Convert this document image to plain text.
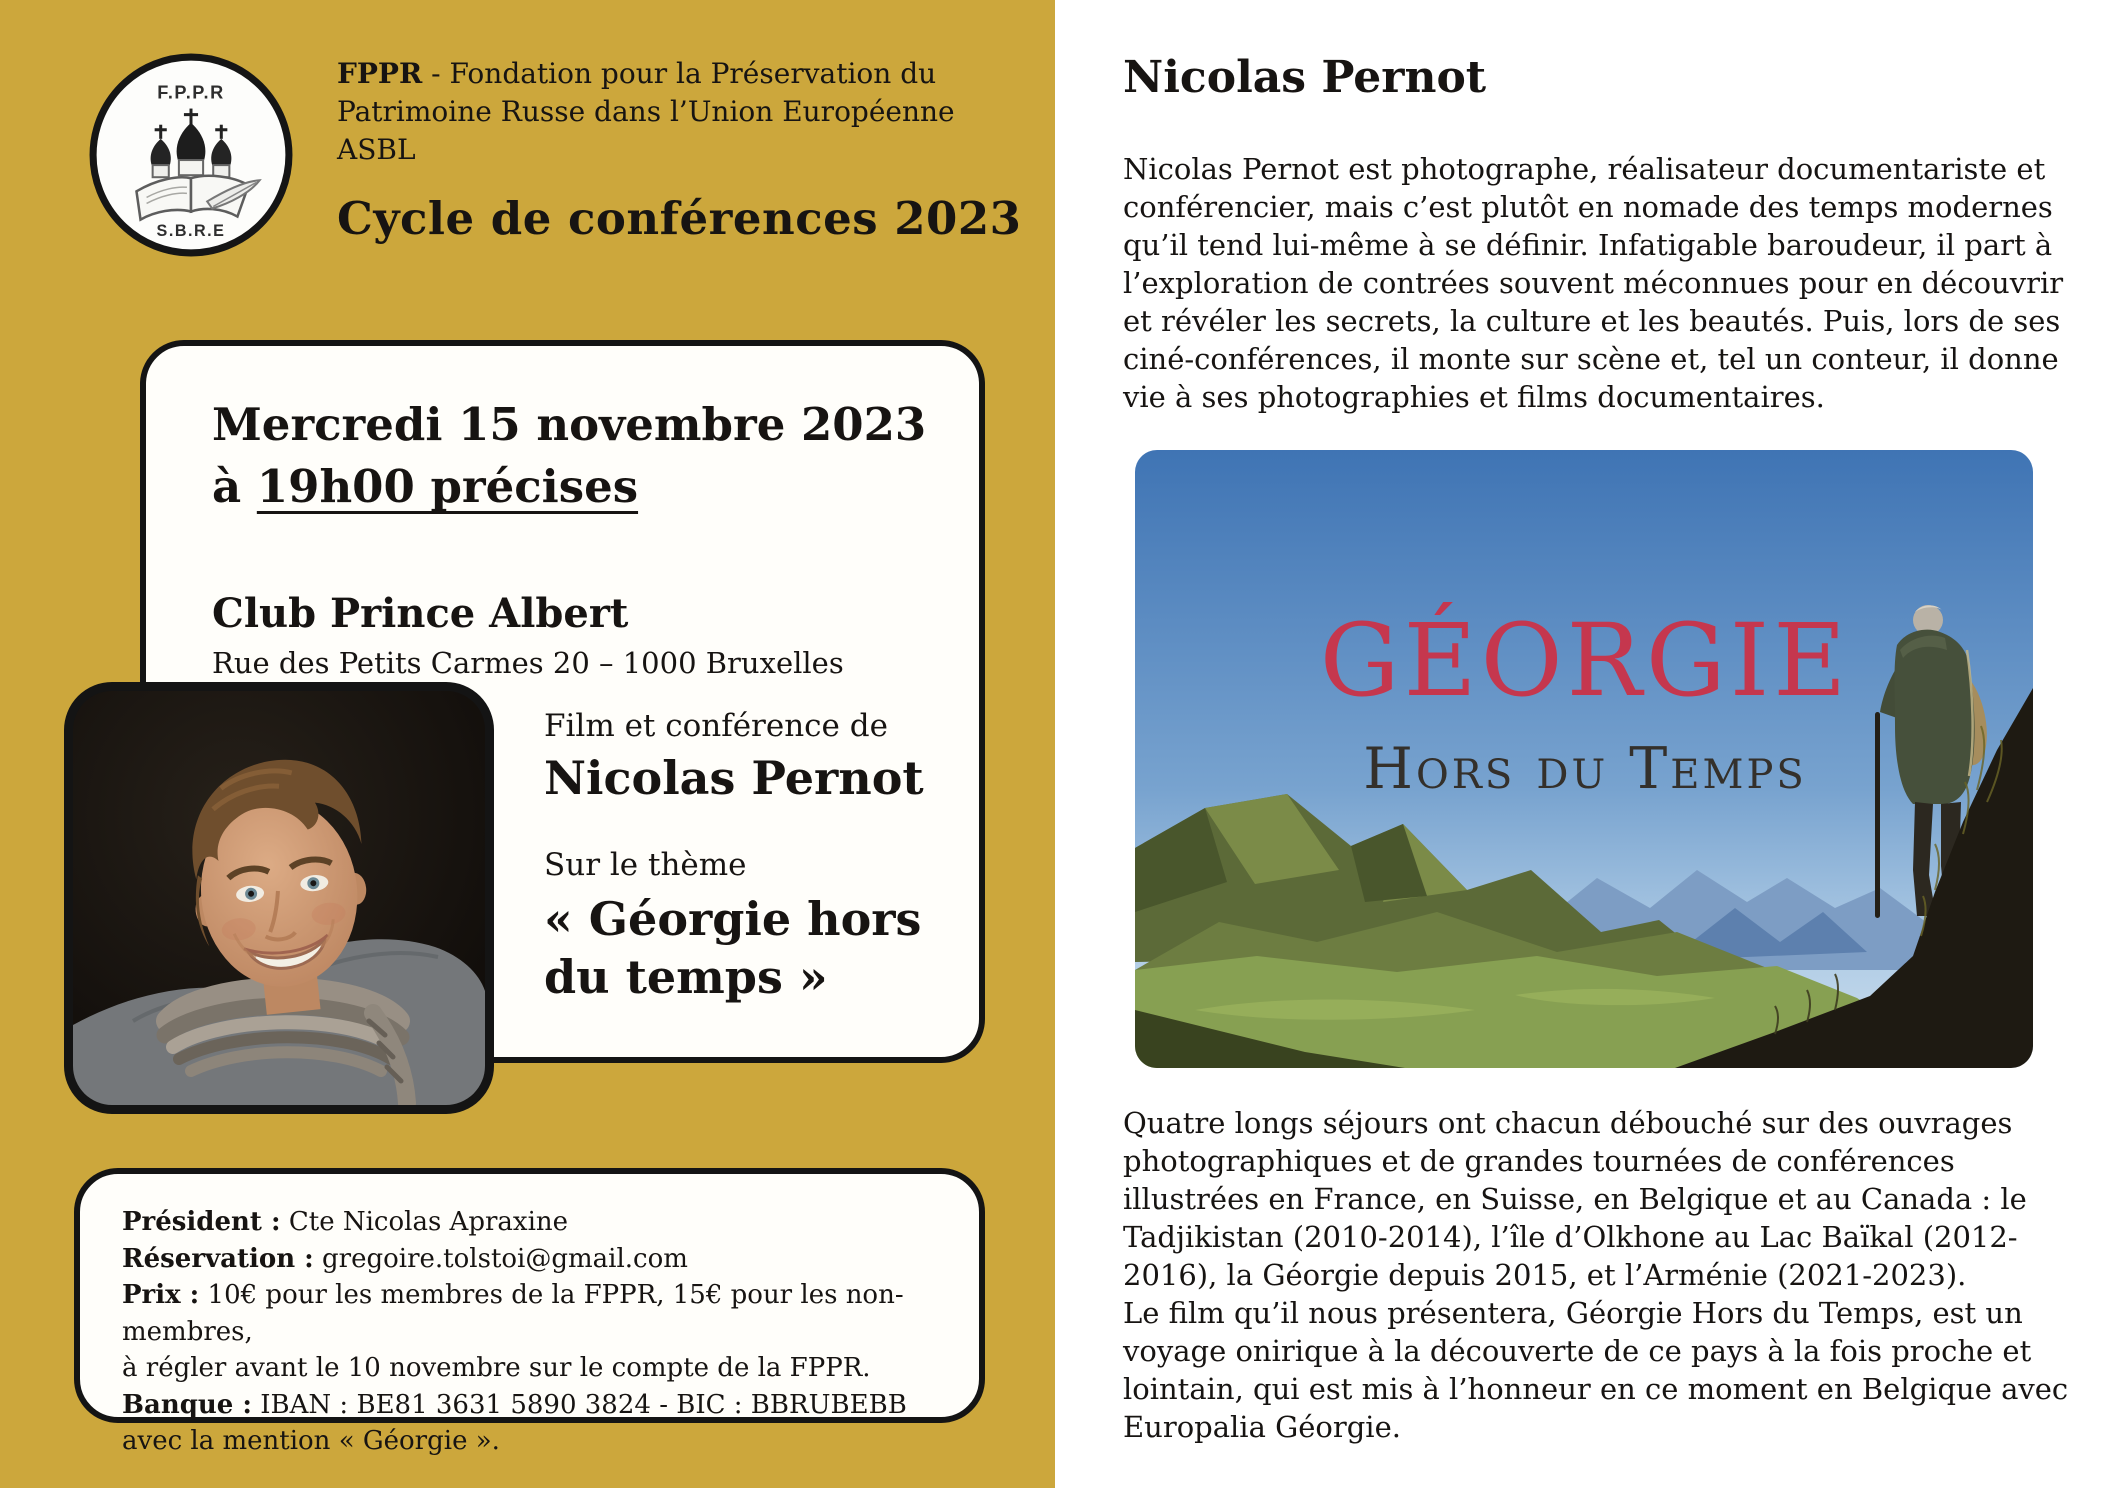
F.P.P.R
S.B.R.E

FPPR - Fondation pour la Préservation du
Patrimoine Russe dans l’Union Européenne ASBL

Cycle de conférences 2023
Mercredi 15 novembre 2023
à 19h00 précises
Club Prince Albert
Rue des Petits Carmes 20 – 1000 Bruxelles
Film et conférence de
Nicolas Pernot
Sur le thème
« Géorgie hors du temps »
Président : Cte Nicolas Apraxine
Réservation : gregoire.tolstoi@gmail.com
Prix : 10€ pour les membres de la FPPR, 15€ pour les non-membres,
à régler avant le 10 novembre sur le compte de la FPPR.
Banque : IBAN : BE81 3631 5890 3824 - BIC : BBRUBEBB
avec la mention « Géorgie ».
Nicolas Pernot

Nicolas Pernot est photographe, réalisateur documentariste et conférencier, mais c’est plutôt en nomade des temps modernes qu’il tend lui-même à se définir. Infatigable baroudeur, il part à l’exploration de contrées souvent méconnues pour en découvrir et révéler les secrets, la culture et les beautés. Puis, lors de ses ciné-conférences, il monte sur scène et, tel un conteur, il donne vie à ses photographies et films documentaires.

GÉORGIE
Hors du Temps

Quatre longs séjours ont chacun débouché sur des ouvrages photographiques et de grandes tournées de conférences illustrées en France, en Suisse, en Belgique et au Canada : le Tadjikistan (2010-2014), l’île d’Olkhone au Lac Baïkal (2012-2016), la Géorgie depuis 2015, et l’Arménie (2021-2023).

Le film qu’il nous présentera, Géorgie Hors du Temps, est un voyage onirique à la découverte de ce pays à la fois proche et lointain, qui est mis à l’honneur en ce moment en Belgique avec Europalia Géorgie.
